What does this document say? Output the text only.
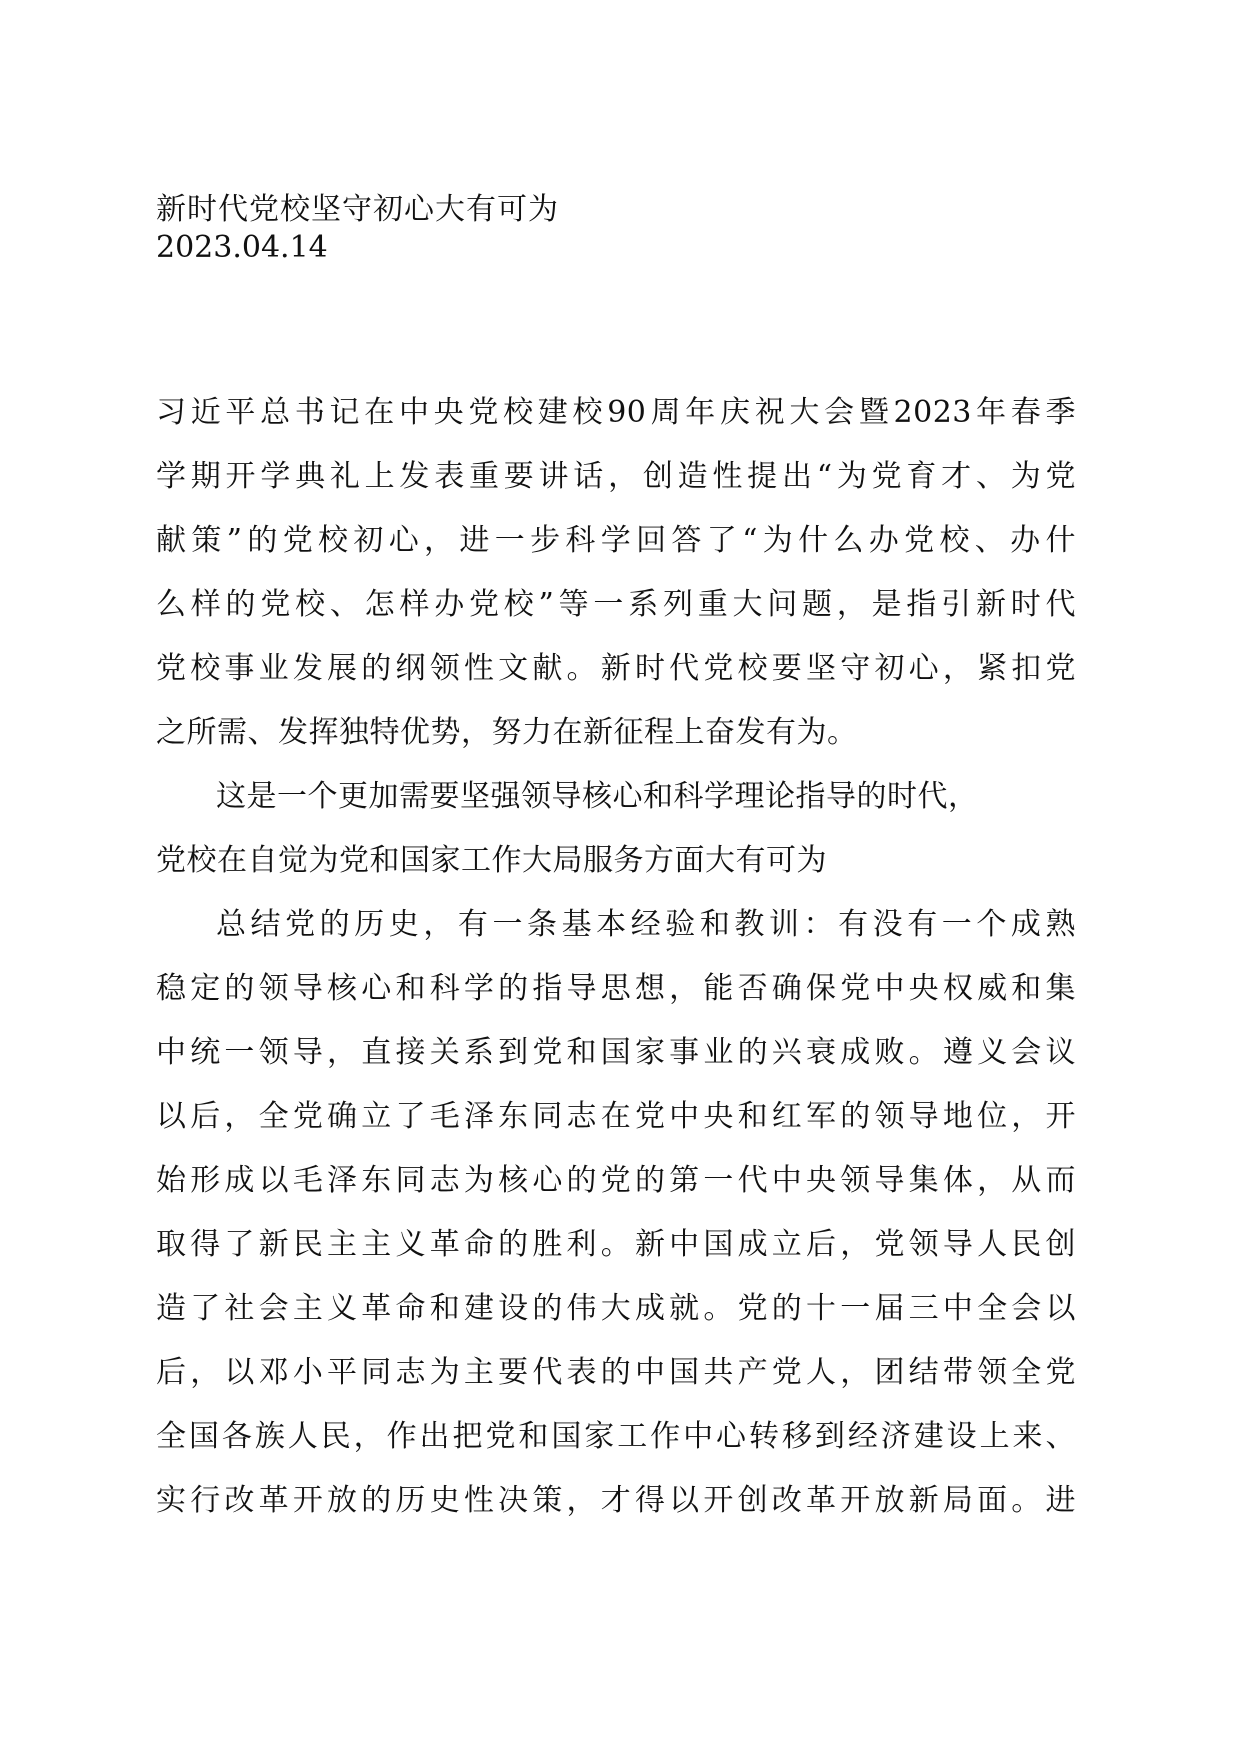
新时代党校坚守初心大有可为
2023.04.14
习近平总书记在中央党校建校90周年庆祝大会暨2023年春季
学期开学典礼上发表重要讲话，创造性提出“为党育才、为党
献策”的党校初心，进一步科学回答了“为什么办党校、办什
么样的党校、怎样办党校”等一系列重大问题，是指引新时代
党校事业发展的纲领性文献。新时代党校要坚守初心，紧扣党
之所需、发挥独特优势，努力在新征程上奋发有为。
这是一个更加需要坚强领导核心和科学理论指导的时代，
党校在自觉为党和国家工作大局服务方面大有可为
总结党的历史，有一条基本经验和教训：有没有一个成熟
稳定的领导核心和科学的指导思想，能否确保党中央权威和集
中统一领导，直接关系到党和国家事业的兴衰成败。遵义会议
以后，全党确立了毛泽东同志在党中央和红军的领导地位，开
始形成以毛泽东同志为核心的党的第一代中央领导集体，从而
取得了新民主主义革命的胜利。新中国成立后，党领导人民创
造了社会主义革命和建设的伟大成就。党的十一届三中全会以
后，以邓小平同志为主要代表的中国共产党人，团结带领全党
全国各族人民，作出把党和国家工作中心转移到经济建设上来、
实行改革开放的历史性决策，才得以开创改革开放新局面。进
